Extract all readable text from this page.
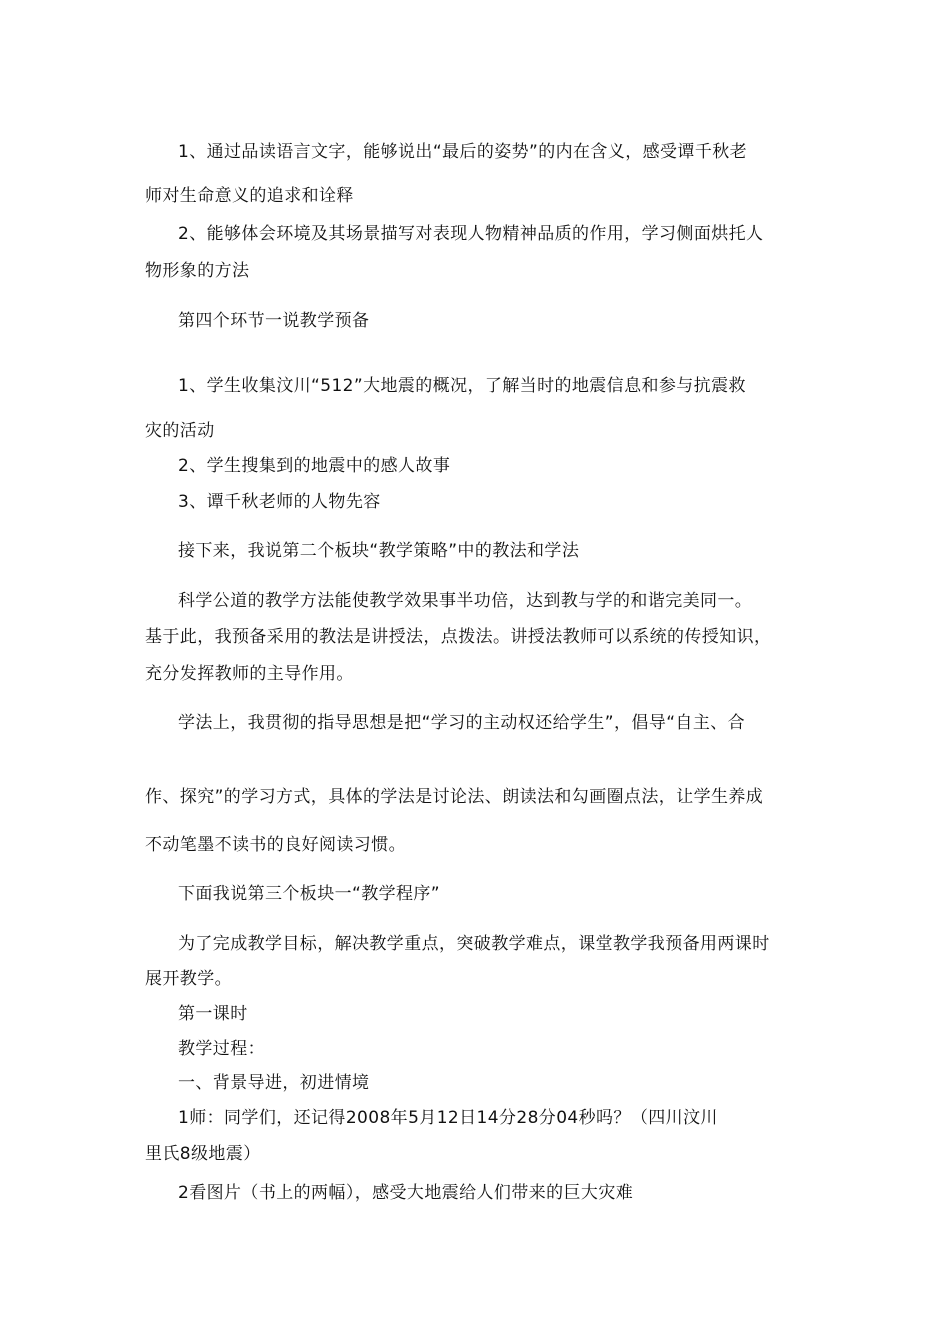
1、通过品读语言文字，能够说出“最后的姿势”的内在含义，感受谭千秋老
师对生命意义的追求和诠释
2、能够体会环境及其场景描写对表现人物精神品质的作用，学习侧面烘托人
物形象的方法
第四个环节一说教学预备
1、学生收集汶川“512”大地震的概况，了解当时的地震信息和参与抗震救
灾的活动
2、学生搜集到的地震中的感人故事
3、谭千秋老师的人物先容
接下来，我说第二个板块“教学策略”中的教法和学法
科学公道的教学方法能使教学效果事半功倍，达到教与学的和谐完美同一。
基于此，我预备采用的教法是讲授法，点拨法。讲授法教师可以系统的传授知识，
充分发挥教师的主导作用。
学法上，我贯彻的指导思想是把“学习的主动权还给学生”，倡导“自主、合
作、探究”的学习方式，具体的学法是讨论法、朗读法和勾画圈点法，让学生养成
不动笔墨不读书的良好阅读习惯。
下面我说第三个板块一“教学程序”
为了完成教学目标，解决教学重点，突破教学难点，课堂教学我预备用两课时
展开教学。
第一课时
教学过程：
一、背景导进，初进情境
1师：同学们，还记得2008年5月12日14分28分04秒吗？（四川汶川
里氏8级地震）
2看图片（书上的两幅），感受大地震给人们带来的巨大灾难
